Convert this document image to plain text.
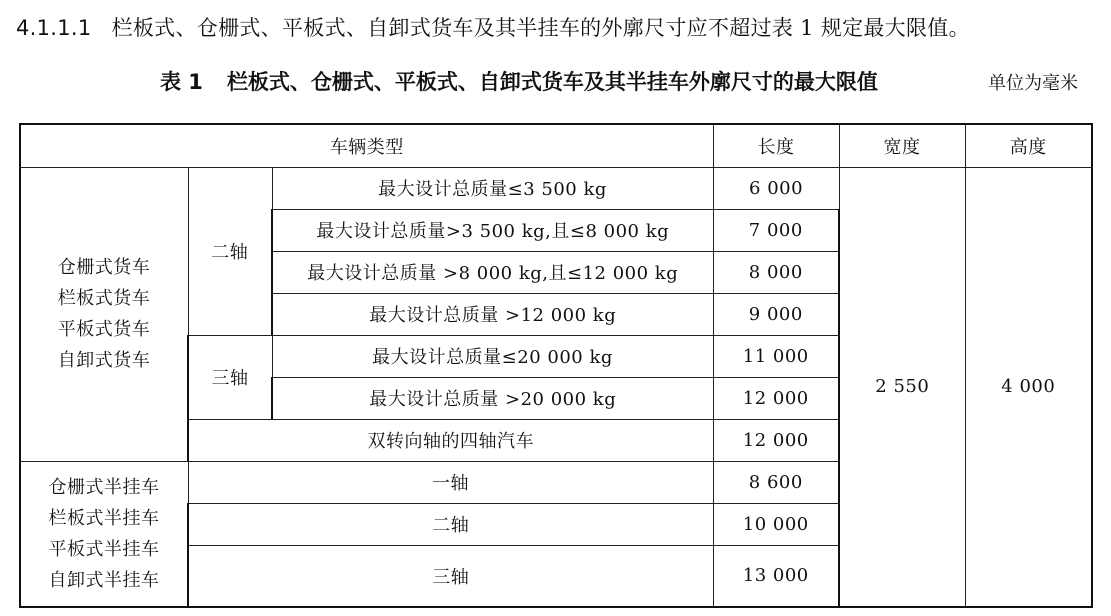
4.1.1.1 栏板式、仓栅式、平板式、自卸式货车及其半挂车的外廓尺寸应不超过表 1 规定最大限值。
表 1 栏板式、仓栅式、平板式、自卸式货车及其半挂车外廓尺寸的最大限值	单位为毫米
车辆类型			长度	宽度	高度

仓栅式货车
栏板式货车
平板式货车
自卸式货车	二轴	最大设计总质量≤3 500 kg	6 000	2 550	4 000
		最大设计总质量>3 500 kg,且≤8 000 kg	7 000		
		最大设计总质量 >8 000 kg,且≤12 000 kg	8 000		
		最大设计总质量 >12 000 kg	9 000		
	三轴	最大设计总质量≤20 000 kg	11 000		
		最大设计总质量 >20 000 kg	12 000		
	双转向轴的四轴汽车		12 000		

仓栅式半挂车
栏板式半挂车
平板式半挂车
自卸式半挂车	一轴		8 600		
	二轴		10 000		
	三轴		13 000		
